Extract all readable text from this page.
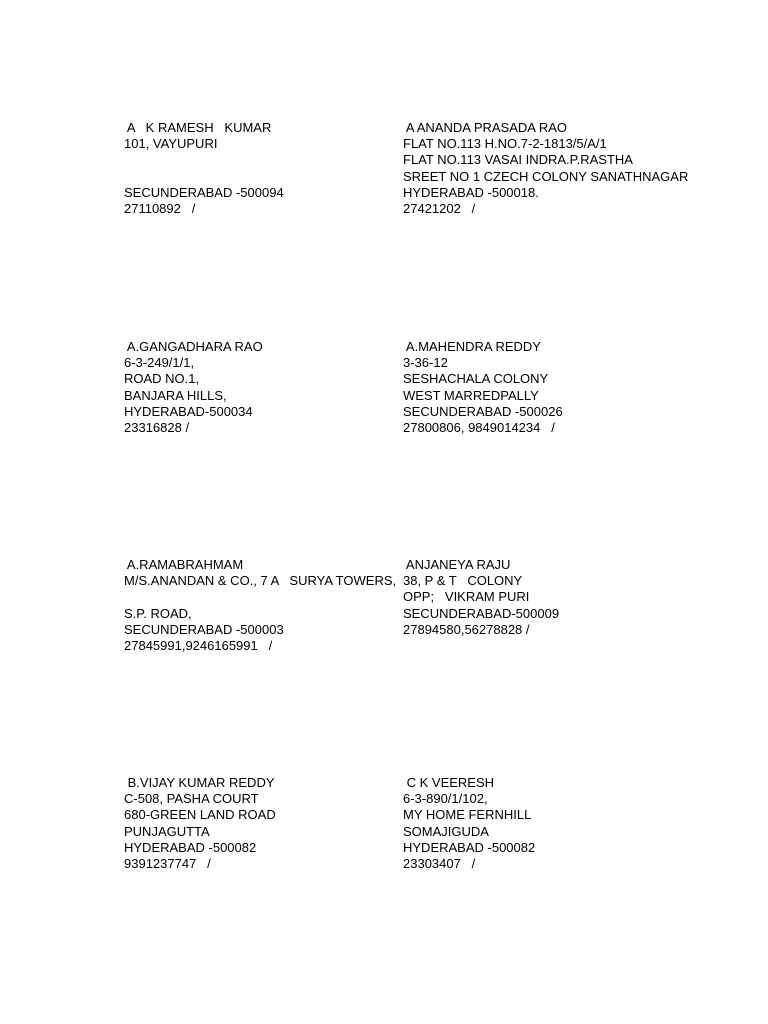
A   K RAMESH   KUMAR
101, VAYUPURI
SECUNDERABAD -500094
27110892   /
A ANANDA PRASADA RAO
FLAT NO.113 H.NO.7-2-1813/5/A/1
FLAT NO.113 VASAI INDRA.P.RASTHA
SREET NO 1 CZECH COLONY SANATHNAGAR
HYDERABAD -500018.
27421202   /
A.GANGADHARA RAO
6-3-249/1/1,
ROAD NO.1,
BANJARA HILLS,
HYDERABAD-500034
23316828 /
A.MAHENDRA REDDY
3-36-12
SESHACHALA COLONY
WEST MARREDPALLY
SECUNDERABAD -500026
27800806, 9849014234   /
A.RAMABRAHMAM
M/S.ANANDAN & CO., 7 A   SURYA TOWERS,
S.P. ROAD,
SECUNDERABAD -500003
27845991,9246165991   /
ANJANEYA RAJU
38, P & T   COLONY
OPP;   VIKRAM PURI
SECUNDERABAD-500009
27894580,56278828 /
B.VIJAY KUMAR REDDY
C-508, PASHA COURT
680-GREEN LAND ROAD
PUNJAGUTTA
HYDERABAD -500082
9391237747   /
C K VEERESH
6-3-890/1/102,
MY HOME FERNHILL
SOMAJIGUDA
HYDERABAD -500082
23303407   /
